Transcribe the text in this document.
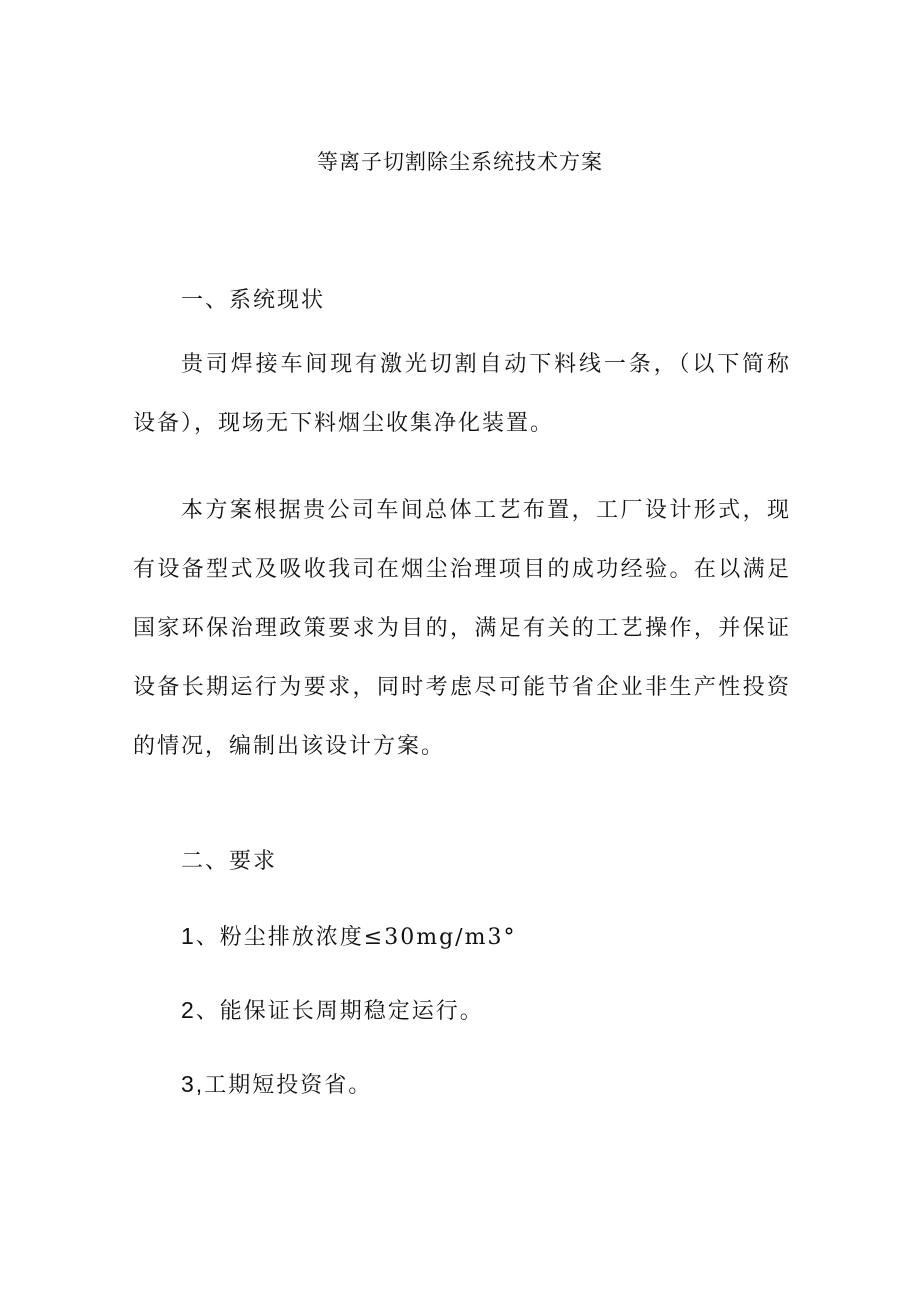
等离子切割除尘系统技术方案
一、系统现状
贵司焊接车间现有激光切割自动下料线一条，（以下简称设备），现场无下料烟尘收集净化装置。
本方案根据贵公司车间总体工艺布置，工厂设计形式，现有设备型式及吸收我司在烟尘治理项目的成功经验。在以满足国家环保治理政策要求为目的，满足有关的工艺操作，并保证设备长期运行为要求，同时考虑尽可能节省企业非生产性投资的情况，编制出该设计方案。
二、要求
1、粉尘排放浓度≤30mg∕m3°
2、能保证长周期稳定运行。
3,工期短投资省。
